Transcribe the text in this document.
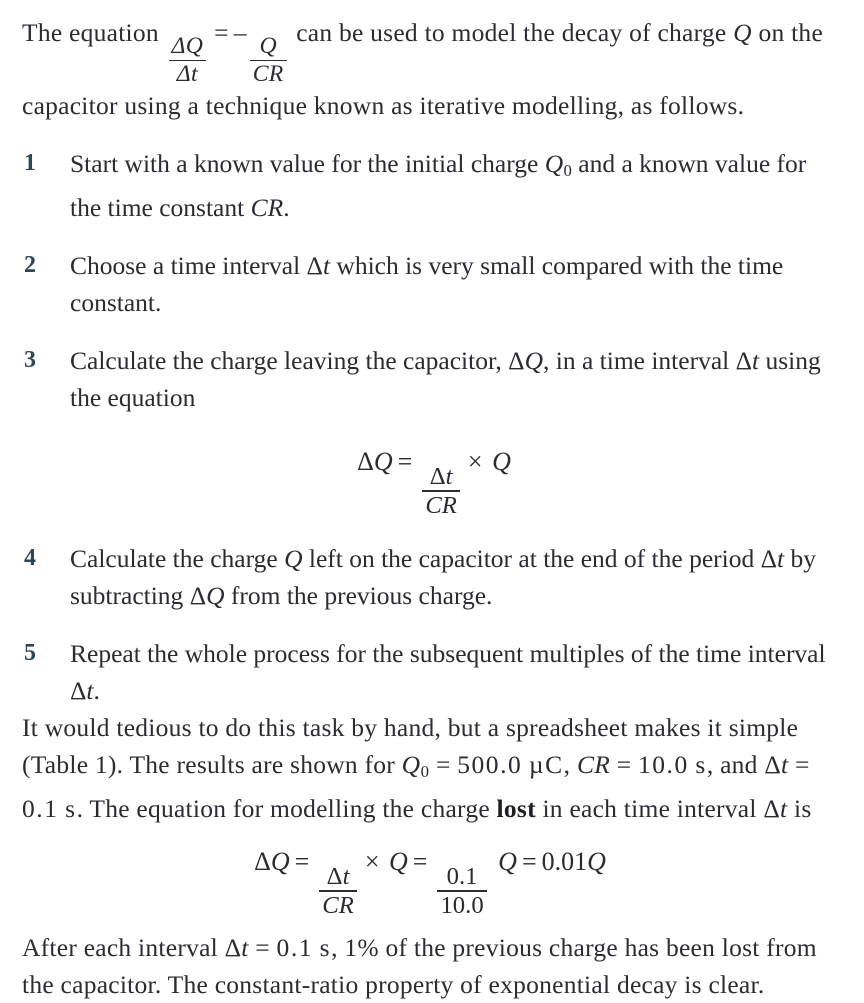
The equation
$\frac{\Delta Q}{\Delta t}$
= –
$\frac{Q}{CR}$
can be used to model the decay of charge Q on the capacitor using a technique known as iterative modelling, as follows.

1 Start with a known value for the initial charge $Q_0$ and a known value for the time constant CR.
2 Choose a time interval Δt which is very small compared with the time constant.
3 Calculate the charge leaving the capacitor, ΔQ, in a time interval Δt using the equation
ΔQ =
$\frac{\Delta t}{CR}$
× Q
4 Calculate the charge Q left on the capacitor at the end of the period Δt by subtracting ΔQ from the previous charge.
5 Repeat the whole process for the subsequent multiples of the time interval Δt.

It would tedious to do this task by hand, but a spreadsheet makes it simple (Table 1). The results are shown for $Q_0 = 500.0$ µC, CR = 10.0 s, and Δt = 0.1 s. The equation for modelling the charge lost in each time interval Δt is

ΔQ =
$\frac{\Delta t}{CR}$
× Q =
$\frac{0.1}{10.0}$
Q = 0.01Q

After each interval Δt = 0.1 s, 1% of the previous charge has been lost from the capacitor. The constant-ratio property of exponential decay is clear.
